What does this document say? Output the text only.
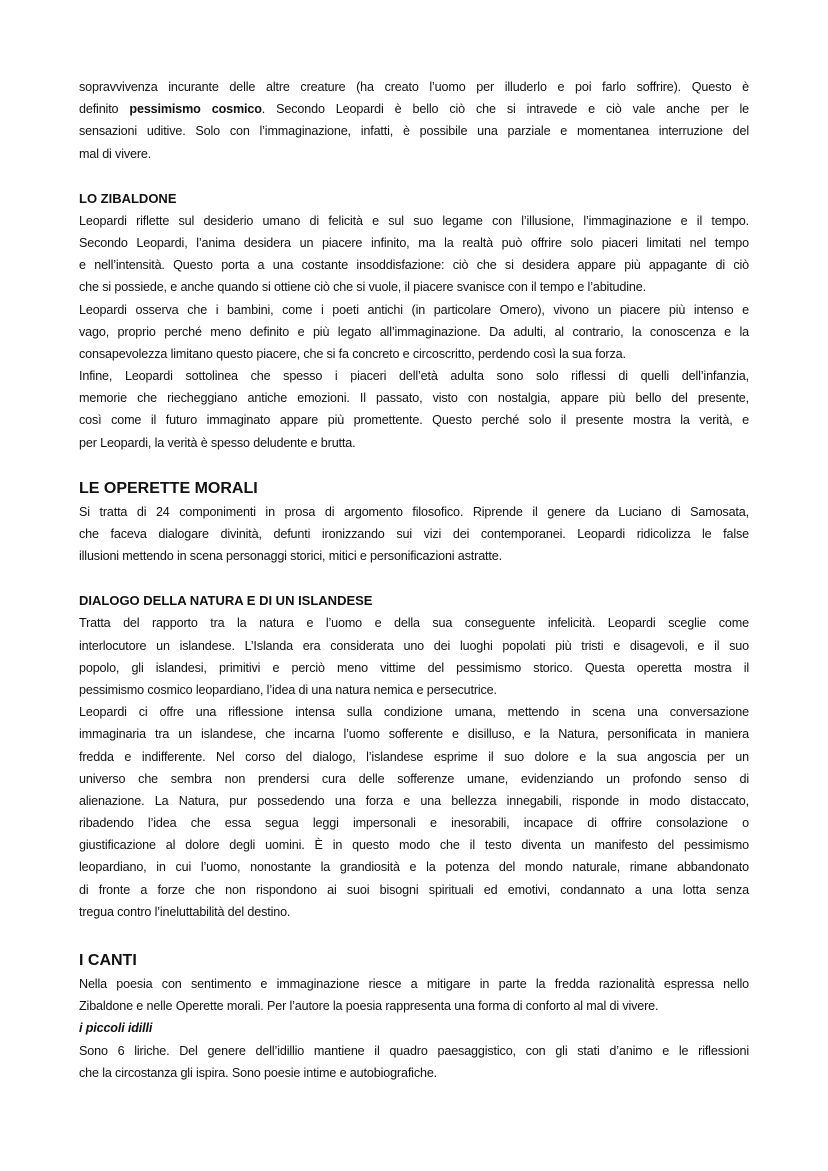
sopravvivenza incurante delle altre creature (ha creato l’uomo per illuderlo e poi farlo soffrire). Questo è
definito pessimismo cosmico. Secondo Leopardi è bello ciò che si intravede e ciò vale anche per le
sensazioni uditive. Solo con l’immaginazione, infatti, è possibile una parziale e momentanea interruzione del
mal di vivere.
LO ZIBALDONE
Leopardi riflette sul desiderio umano di felicità e sul suo legame con l’illusione, l’immaginazione e il tempo.
Secondo Leopardi, l’anima desidera un piacere infinito, ma la realtà può offrire solo piaceri limitati nel tempo
e nell’intensità. Questo porta a una costante insoddisfazione: ciò che si desidera appare più appagante di ciò
che si possiede, e anche quando si ottiene ciò che si vuole, il piacere svanisce con il tempo e l’abitudine.
Leopardi osserva che i bambini, come i poeti antichi (in particolare Omero), vivono un piacere più intenso e
vago, proprio perché meno definito e più legato all’immaginazione. Da adulti, al contrario, la conoscenza e la
consapevolezza limitano questo piacere, che si fa concreto e circoscritto, perdendo così la sua forza.
Infine, Leopardi sottolinea che spesso i piaceri dell’età adulta sono solo riflessi di quelli dell’infanzia,
memorie che riecheggiano antiche emozioni. Il passato, visto con nostalgia, appare più bello del presente,
così come il futuro immaginato appare più promettente. Questo perché solo il presente mostra la verità, e
per Leopardi, la verità è spesso deludente e brutta.
LE OPERETTE MORALI
Si tratta di 24 componimenti in prosa di argomento filosofico. Riprende il genere da Luciano di Samosata,
che faceva dialogare divinità, defunti ironizzando sui vizi dei contemporanei. Leopardi ridicolizza le false
illusioni mettendo in scena personaggi storici, mitici e personificazioni astratte.
DIALOGO DELLA NATURA E DI UN ISLANDESE
Tratta del rapporto tra la natura e l’uomo e della sua conseguente infelicità. Leopardi sceglie come
interlocutore un islandese. L’Islanda era considerata uno dei luoghi popolati più tristi e disagevoli, e il suo
popolo, gli islandesi, primitivi e perciò meno vittime del pessimismo storico. Questa operetta mostra il
pessimismo cosmico leopardiano, l’idea di una natura nemica e persecutrice.
Leopardi ci offre una riflessione intensa sulla condizione umana, mettendo in scena una conversazione
immaginaria tra un islandese, che incarna l’uomo sofferente e disilluso, e la Natura, personificata in maniera
fredda e indifferente. Nel corso del dialogo, l’islandese esprime il suo dolore e la sua angoscia per un
universo che sembra non prendersi cura delle sofferenze umane, evidenziando un profondo senso di
alienazione. La Natura, pur possedendo una forza e una bellezza innegabili, risponde in modo distaccato,
ribadendo l’idea che essa segua leggi impersonali e inesorabili, incapace di offrire consolazione o
giustificazione al dolore degli uomini. È in questo modo che il testo diventa un manifesto del pessimismo
leopardiano, in cui l’uomo, nonostante la grandiosità e la potenza del mondo naturale, rimane abbandonato
di fronte a forze che non rispondono ai suoi bisogni spirituali ed emotivi, condannato a una lotta senza
tregua contro l’ineluttabilità del destino.
I CANTI
Nella poesia con sentimento e immaginazione riesce a mitigare in parte la fredda razionalità espressa nello
Zibaldone e nelle Operette morali. Per l’autore la poesia rappresenta una forma di conforto al mal di vivere.
i piccoli idilli
Sono 6 liriche. Del genere dell’idillio mantiene il quadro paesaggistico, con gli stati d’animo e le riflessioni
che la circostanza gli ispira. Sono poesie intime e autobiografiche.
